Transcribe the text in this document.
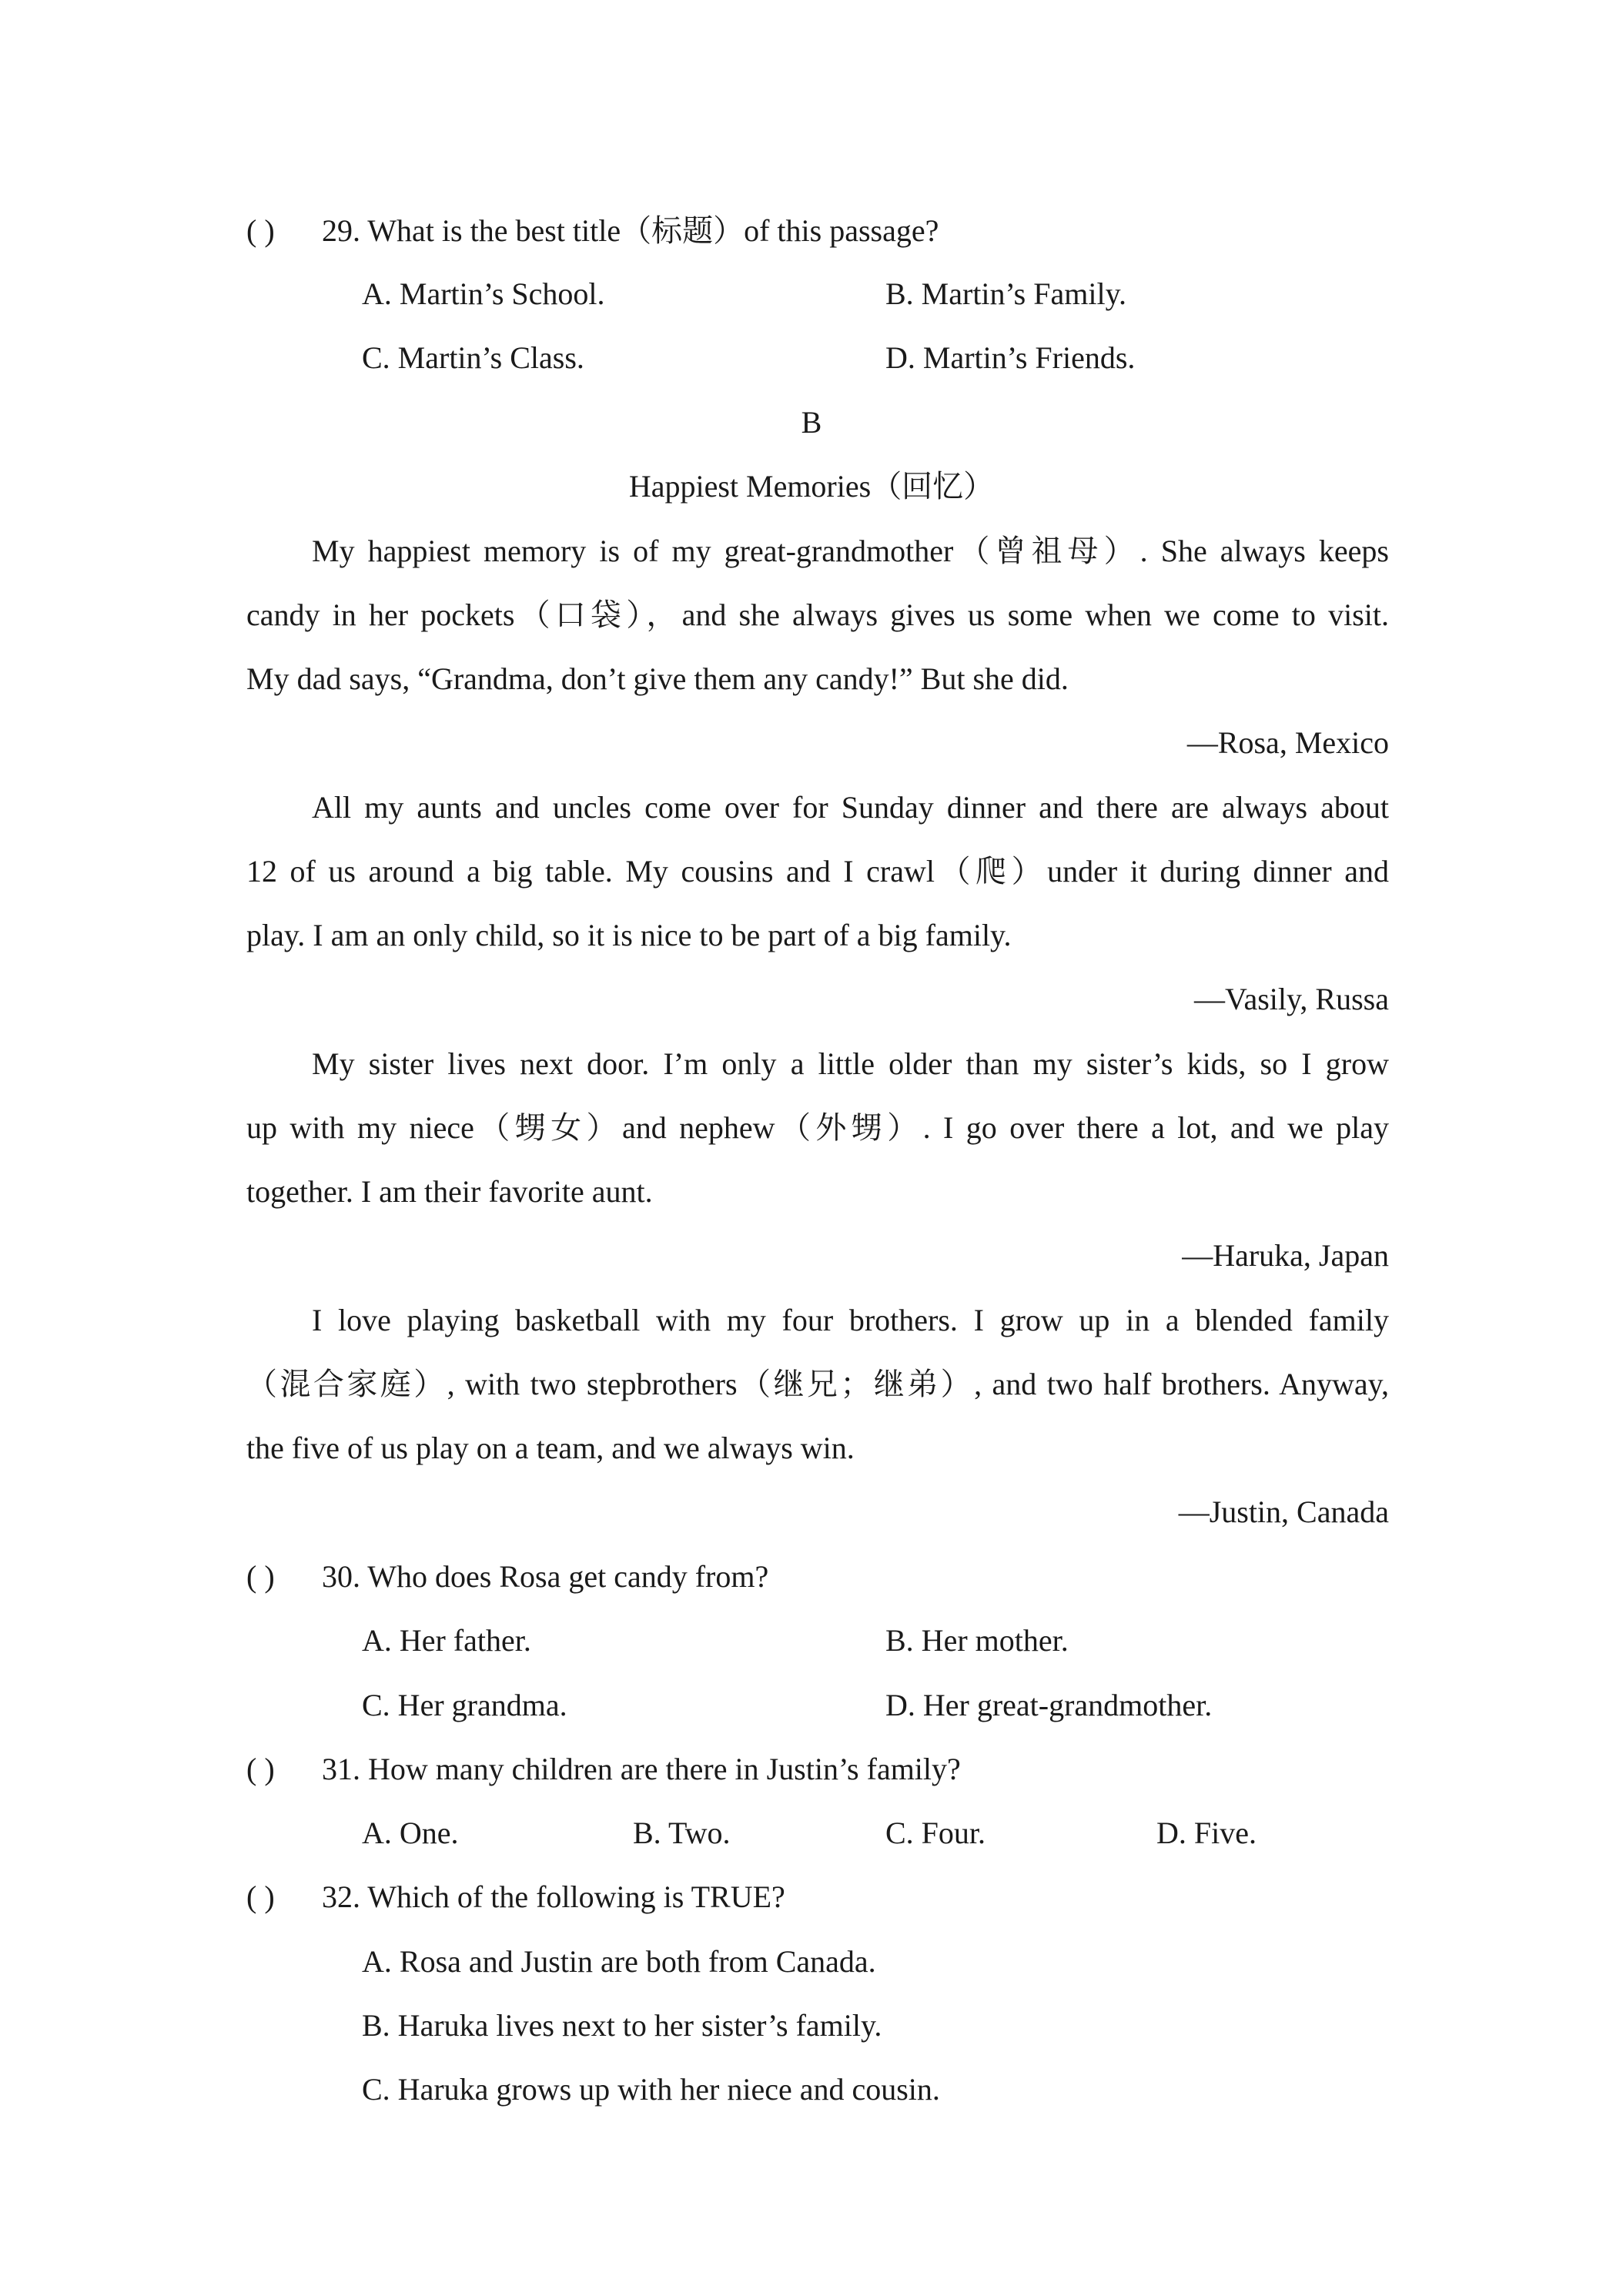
( ) 29. What is the best title（标题）of this passage?
A. Martin’s School.	B. Martin’s Family.
C. Martin’s Class.	D. Martin’s Friends.
B
Happiest Memories（回忆）
My happiest memory is of my great-grandmother（曾祖母）. She always keeps
candy in her pockets（口袋），and she always gives us some when we come to visit.
My dad says, “Grandma, don’t give them any candy!” But she did.
—Rosa, Mexico
All my aunts and uncles come over for Sunday dinner and there are always about
12 of us around a big table. My cousins and I crawl（爬）under it during dinner and
play. I am an only child, so it is nice to be part of a big family.
—Vasily, Russa
My sister lives next door. I’m only a little older than my sister’s kids, so I grow
up with my niece（甥女）and nephew（外甥）. I go over there a lot, and we play
together. I am their favorite aunt.
—Haruka, Japan
I love playing basketball with my four brothers. I grow up in a blended family
（混合家庭）, with two stepbrothers（继兄；继弟）, and two half brothers. Anyway,
the five of us play on a team, and we always win.
—Justin, Canada
( ) 30. Who does Rosa get candy from?
A. Her father.	B. Her mother.
C. Her grandma.	D. Her great-grandmother.
( ) 31. How many children are there in Justin’s family?
A. One.	B. Two.	C. Four.	D. Five.
( ) 32. Which of the following is TRUE?
A. Rosa and Justin are both from Canada.
B. Haruka lives next to her sister’s family.
C. Haruka grows up with her niece and cousin.
